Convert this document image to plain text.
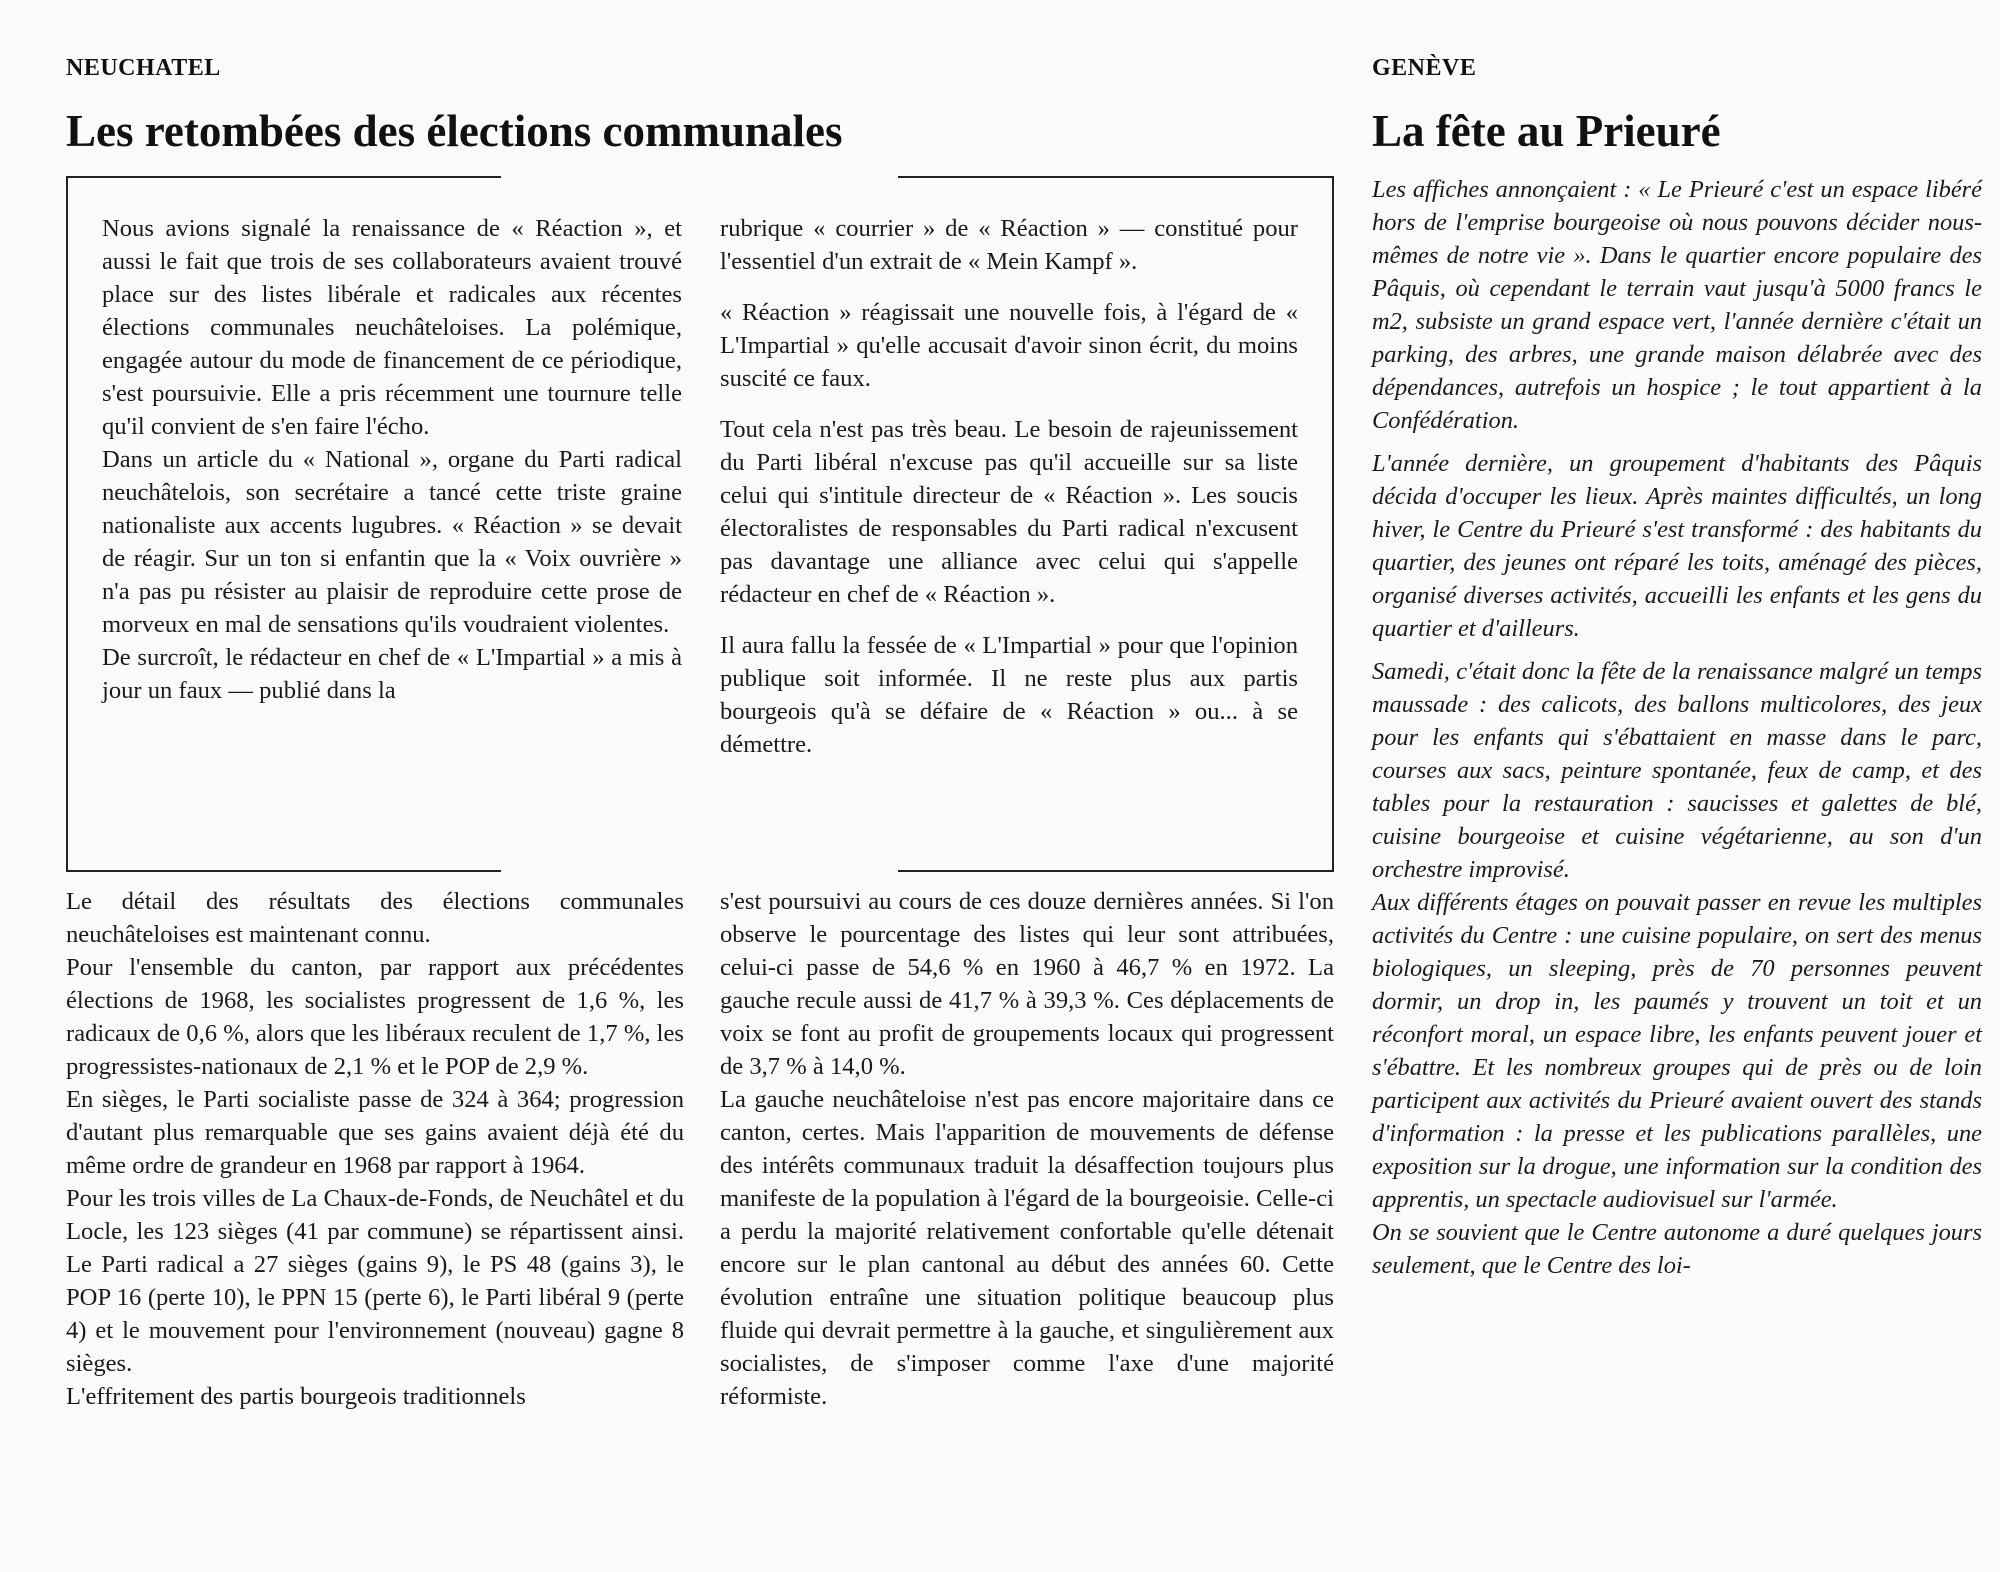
NEUCHATEL
Les retombées des élections communales

Nous avions signalé la renaissance de « Réaction », et aussi le fait que trois de ses collaborateurs avaient trouvé place sur des listes libérale et radicales aux récentes élections communales neuchâteloises. La polémique, engagée autour du mode de financement de ce périodique, s'est poursuivie. Elle a pris récemment une tournure telle qu'il convient de s'en faire l'écho.

Dans un article du « National », organe du Parti radical neuchâtelois, son secrétaire a tancé cette triste graine nationaliste aux accents lugubres. « Réaction » se devait de réagir. Sur un ton si enfantin que la « Voix ouvrière » n'a pas pu résister au plaisir de reproduire cette prose de morveux en mal de sensations qu'ils voudraient violentes.

De surcroît, le rédacteur en chef de « L'Impartial » a mis à jour un faux — publié dans la

rubrique « courrier » de « Réaction » — constitué pour l'essentiel d'un extrait de « Mein Kampf ».

« Réaction » réagissait une nouvelle fois, à l'égard de « L'Impartial » qu'elle accusait d'avoir sinon écrit, du moins suscité ce faux.

Tout cela n'est pas très beau. Le besoin de rajeunissement du Parti libéral n'excuse pas qu'il accueille sur sa liste celui qui s'intitule directeur de « Réaction ». Les soucis électoralistes de responsables du Parti radical n'excusent pas davantage une alliance avec celui qui s'appelle rédacteur en chef de « Réaction ».

Il aura fallu la fessée de « L'Impartial » pour que l'opinion publique soit informée. Il ne reste plus aux partis bourgeois qu'à se défaire de « Réaction » ou... à se démettre.

Le détail des résultats des élections communales neuchâteloises est maintenant connu.

Pour l'ensemble du canton, par rapport aux précédentes élections de 1968, les socialistes progressent de 1,6 %, les radicaux de 0,6 %, alors que les libéraux reculent de 1,7 %, les progressistes-nationaux de 2,1 % et le POP de 2,9 %.

En sièges, le Parti socialiste passe de 324 à 364; progression d'autant plus remarquable que ses gains avaient déjà été du même ordre de grandeur en 1968 par rapport à 1964.

Pour les trois villes de La Chaux-de-Fonds, de Neuchâtel et du Locle, les 123 sièges (41 par commune) se répartissent ainsi. Le Parti radical a 27 sièges (gains 9), le PS 48 (gains 3), le POP 16 (perte 10), le PPN 15 (perte 6), le Parti libéral 9 (perte 4) et le mouvement pour l'environnement (nouveau) gagne 8 sièges.

L'effritement des partis bourgeois traditionnels

s'est poursuivi au cours de ces douze dernières années. Si l'on observe le pourcentage des listes qui leur sont attribuées, celui-ci passe de 54,6 % en 1960 à 46,7 % en 1972. La gauche recule aussi de 41,7 % à 39,3 %. Ces déplacements de voix se font au profit de groupements locaux qui progressent de 3,7 % à 14,0 %.

La gauche neuchâteloise n'est pas encore majoritaire dans ce canton, certes. Mais l'apparition de mouvements de défense des intérêts communaux traduit la désaffection toujours plus manifeste de la population à l'égard de la bourgeoisie. Celle-ci a perdu la majorité relativement confortable qu'elle détenait encore sur le plan cantonal au début des années 60. Cette évolution entraîne une situation politique beaucoup plus fluide qui devrait permettre à la gauche, et singulièrement aux socialistes, de s'imposer comme l'axe d'une majorité réformiste.

GENÈVE
La fête au Prieuré

Les affiches annonçaient : « Le Prieuré c'est un espace libéré hors de l'emprise bourgeoise où nous pouvons décider nous-mêmes de notre vie ». Dans le quartier encore populaire des Pâquis, où cependant le terrain vaut jusqu'à 5000 francs le m2, subsiste un grand espace vert, l'année dernière c'était un parking, des arbres, une grande maison délabrée avec des dépendances, autrefois un hospice ; le tout appartient à la Confédération.

L'année dernière, un groupement d'habitants des Pâquis décida d'occuper les lieux. Après maintes difficultés, un long hiver, le Centre du Prieuré s'est transformé : des habitants du quartier, des jeunes ont réparé les toits, aménagé des pièces, organisé diverses activités, accueilli les enfants et les gens du quartier et d'ailleurs.

Samedi, c'était donc la fête de la renaissance malgré un temps maussade : des calicots, des ballons multicolores, des jeux pour les enfants qui s'ébattaient en masse dans le parc, courses aux sacs, peinture spontanée, feux de camp, et des tables pour la restauration : saucisses et galettes de blé, cuisine bourgeoise et cuisine végétarienne, au son d'un orchestre improvisé.

Aux différents étages on pouvait passer en revue les multiples activités du Centre : une cuisine populaire, on sert des menus biologiques, un sleeping, près de 70 personnes peuvent dormir, un drop in, les paumés y trouvent un toit et un réconfort moral, un espace libre, les enfants peuvent jouer et s'ébattre. Et les nombreux groupes qui de près ou de loin participent aux activités du Prieuré avaient ouvert des stands d'information : la presse et les publications parallèles, une exposition sur la drogue, une information sur la condition des apprentis, un spectacle audiovisuel sur l'armée.

On se souvient que le Centre autonome a duré quelques jours seulement, que le Centre des loi-
